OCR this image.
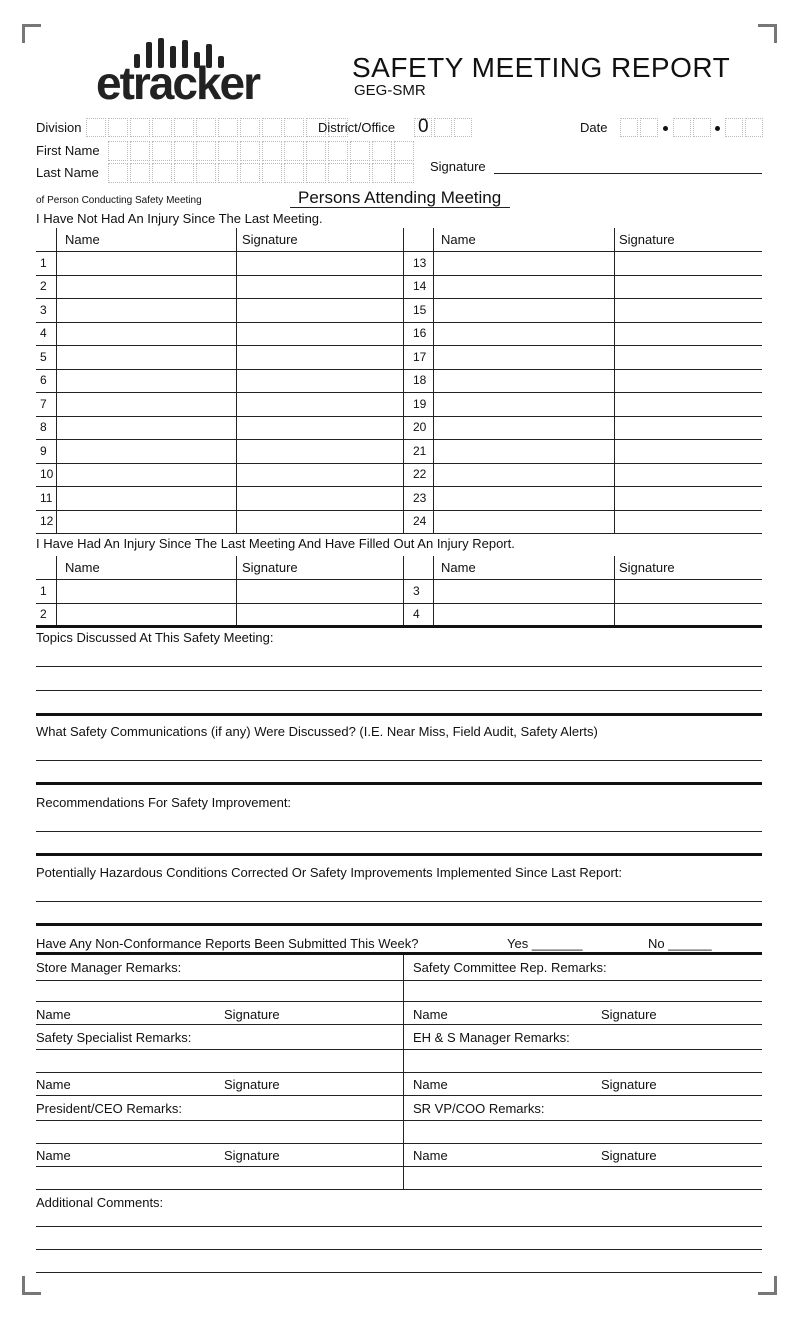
etracker	SAFETY MEETING REPORT
GEG-SMR
Division	District/Office 0	Date
First Name
Last Name	Signature
of Person Conducting Safety Meeting	Persons Attending Meeting
I Have Not Had An Injury Since The Last Meeting.
Name	Signature	Name	Signature
1	13
2	14
3	15
4	16
5	17
6	18
7	19
8	20
9	21
10	22
11	23
12	24
I Have Had An Injury Since The Last Meeting And Have Filled Out An Injury Report.
Name	Signature	Name	Signature
1	3
2	4
Topics Discussed At This Safety Meeting:
What Safety Communications (if any) Were Discussed? (I.E. Near Miss, Field Audit, Safety Alerts)
Recommendations For Safety Improvement:
Potentially Hazardous Conditions Corrected Or Safety Improvements Implemented Since Last Report:
Have Any Non-Conformance Reports Been Submitted This Week?	Yes _______	No ______
Store Manager Remarks:	Safety Committee Rep. Remarks:
Name	Signature	Name	Signature
Safety Specialist Remarks:	EH & S Manager Remarks:
Name	Signature	Name	Signature
President/CEO Remarks:	SR VP/COO Remarks:
Name	Signature	Name	Signature
Additional Comments:
